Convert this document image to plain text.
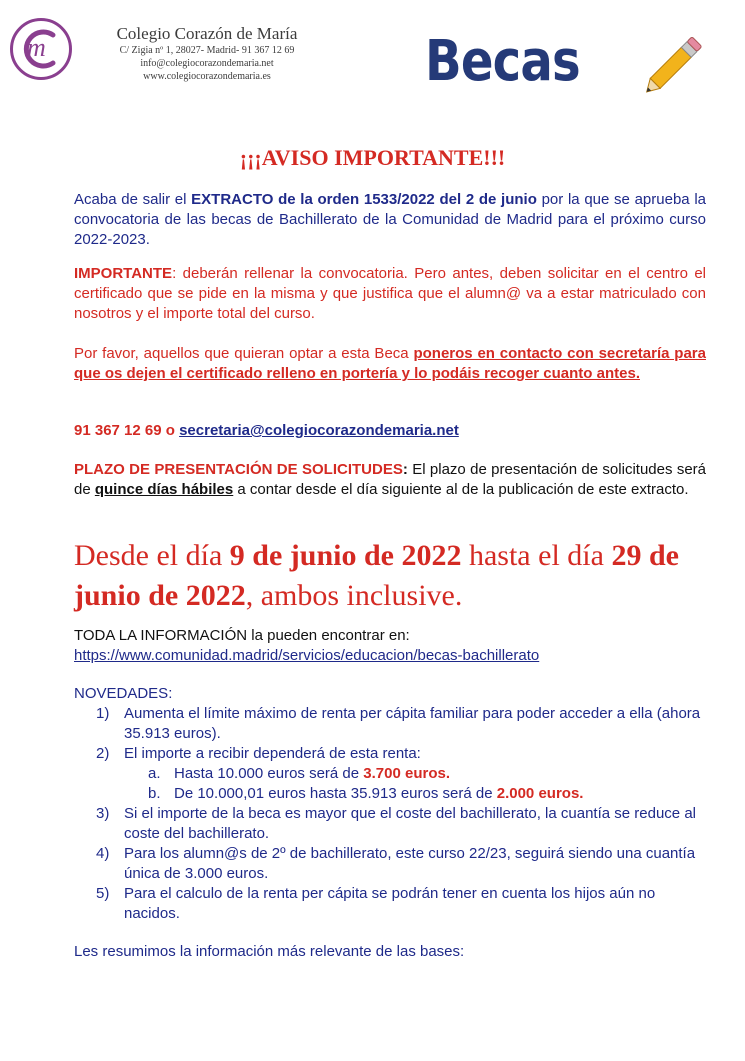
m	Colegio Corazón de María
C/ Zigia nº 1, 28027- Madrid- 91 367 12 69
info@colegiocorazondemaria.net
www.colegiocorazondemaria.es	Becas
¡¡¡AVISO IMPORTANTE!!!
Acaba de salir el EXTRACTO de la orden 1533/2022 del 2 de junio por la que se aprueba la convocatoria de las becas de Bachillerato de la Comunidad de Madrid para el próximo curso 2022-2023.
IMPORTANTE: deberán rellenar la convocatoria. Pero antes, deben solicitar en el centro el certificado que se pide en la misma y que justifica que el alumn@ va a estar matriculado con nosotros y el importe total del curso.
Por favor, aquellos que quieran optar a esta Beca poneros en contacto con secretaría para que os dejen el certificado relleno en portería y lo podáis recoger cuanto antes.
91 367 12 69 o secretaria@colegiocorazondemaria.net
PLAZO DE PRESENTACIÓN DE SOLICITUDES: El plazo de presentación de solicitudes será de quince días hábiles a contar desde el día siguiente al de la publicación de este extracto.
Desde el día 9 de junio de 2022 hasta el día 29 de junio de 2022, ambos inclusive.
TODA LA INFORMACIÓN la pueden encontrar en:
https://www.comunidad.madrid/servicios/educacion/becas-bachillerato
NOVEDADES:
1) Aumenta el límite máximo de renta per cápita familiar para poder acceder a ella (ahora 35.913 euros).
2) El importe a recibir dependerá de esta renta:
a. Hasta 10.000 euros será de 3.700 euros.
b. De 10.000,01 euros hasta 35.913 euros será de 2.000 euros.
3) Si el importe de la beca es mayor que el coste del bachillerato, la cuantía se reduce al coste del bachillerato.
4) Para los alumn@s de 2º de bachillerato, este curso 22/23, seguirá siendo una cuantía única de 3.000 euros.
5) Para el calculo de la renta per cápita se podrán tener en cuenta los hijos aún no nacidos.
Les resumimos la información más relevante de las bases:
